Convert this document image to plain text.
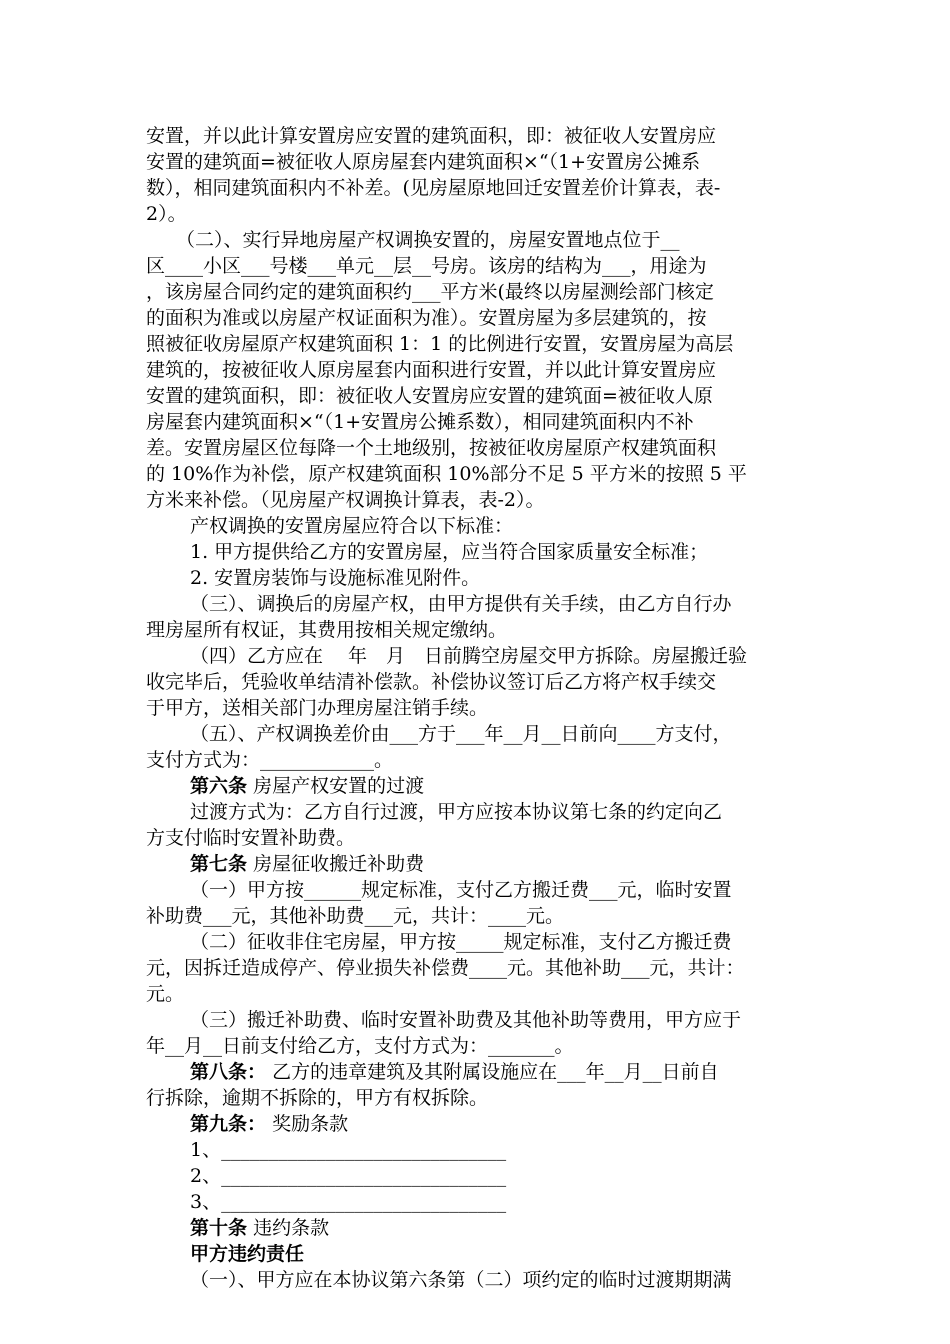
安置，并以此计算安置房应安置的建筑面积，即：被征收人安置房应

安置的建筑面=被征收人原房屋套内建筑面积×“（1+安置房公摊系

数），相同建筑面积内不补差。(见房屋原地回迁安置差价计算表，表-

2）。

（二）、实行异地房屋产权调换安置的，房屋安置地点位于__

区____小区___号楼___单元__层__号房。该房的结构为___，用途为

，该房屋合同约定的建筑面积约___平方米(最终以房屋测绘部门核定

的面积为准或以房屋产权证面积为准）。安置房屋为多层建筑的，按

照被征收房屋原产权建筑面积 1：1 的比例进行安置，安置房屋为高层

建筑的，按被征收人原房屋套内面积进行安置，并以此计算安置房应

安置的建筑面积，即：被征收人安置房应安置的建筑面=被征收人原

房屋套内建筑面积×“（1+安置房公摊系数），相同建筑面积内不补

差。安置房屋区位每降一个土地级别，按被征收房屋原产权建筑面积

的 10%作为补偿，原产权建筑面积 10%部分不足 5 平方米的按照 5 平

方米来补偿。（见房屋产权调换计算表，表-2）。

产权调换的安置房屋应符合以下标准：

1. 甲方提供给乙方的安置房屋，应当符合国家质量安全标准；

2. 安置房装饰与设施标准见附件。

（三）、调换后的房屋产权，由甲方提供有关手续，由乙方自行办

理房屋所有权证，其费用按相关规定缴纳。

（四）乙方应在　 年　月　日前腾空房屋交甲方拆除。房屋搬迁验

收完毕后，凭验收单结清补偿款。补偿协议签订后乙方将产权手续交

于甲方，送相关部门办理房屋注销手续。

（五）、产权调换差价由___方于___年__月__日前向____方支付，

支付方式为：____________。

第六条 房屋产权安置的过渡

过渡方式为：乙方自行过渡，甲方应按本协议第七条的约定向乙

方支付临时安置补助费。

第七条 房屋征收搬迁补助费

（一）甲方按______规定标准，支付乙方搬迁费___元，临时安置

补助费___元，其他补助费___元，共计：____元。

（二）征收非住宅房屋，甲方按_____规定标准，支付乙方搬迁费

元，因拆迁造成停产、停业损失补偿费____元。其他补助___元，共计：

元。

（三）搬迁补助费、临时安置补助费及其他补助等费用，甲方应于

年__月__日前支付给乙方，支付方式为：_______。

第八条： 乙方的违章建筑及其附属设施应在___年__月__日前自

行拆除，逾期不拆除的，甲方有权拆除。

第九条： 奖励条款

1、______________________________

2、______________________________

3、______________________________

第十条 违约条款

甲方违约责任

（一）、甲方应在本协议第六条第（二）项约定的临时过渡期期满
